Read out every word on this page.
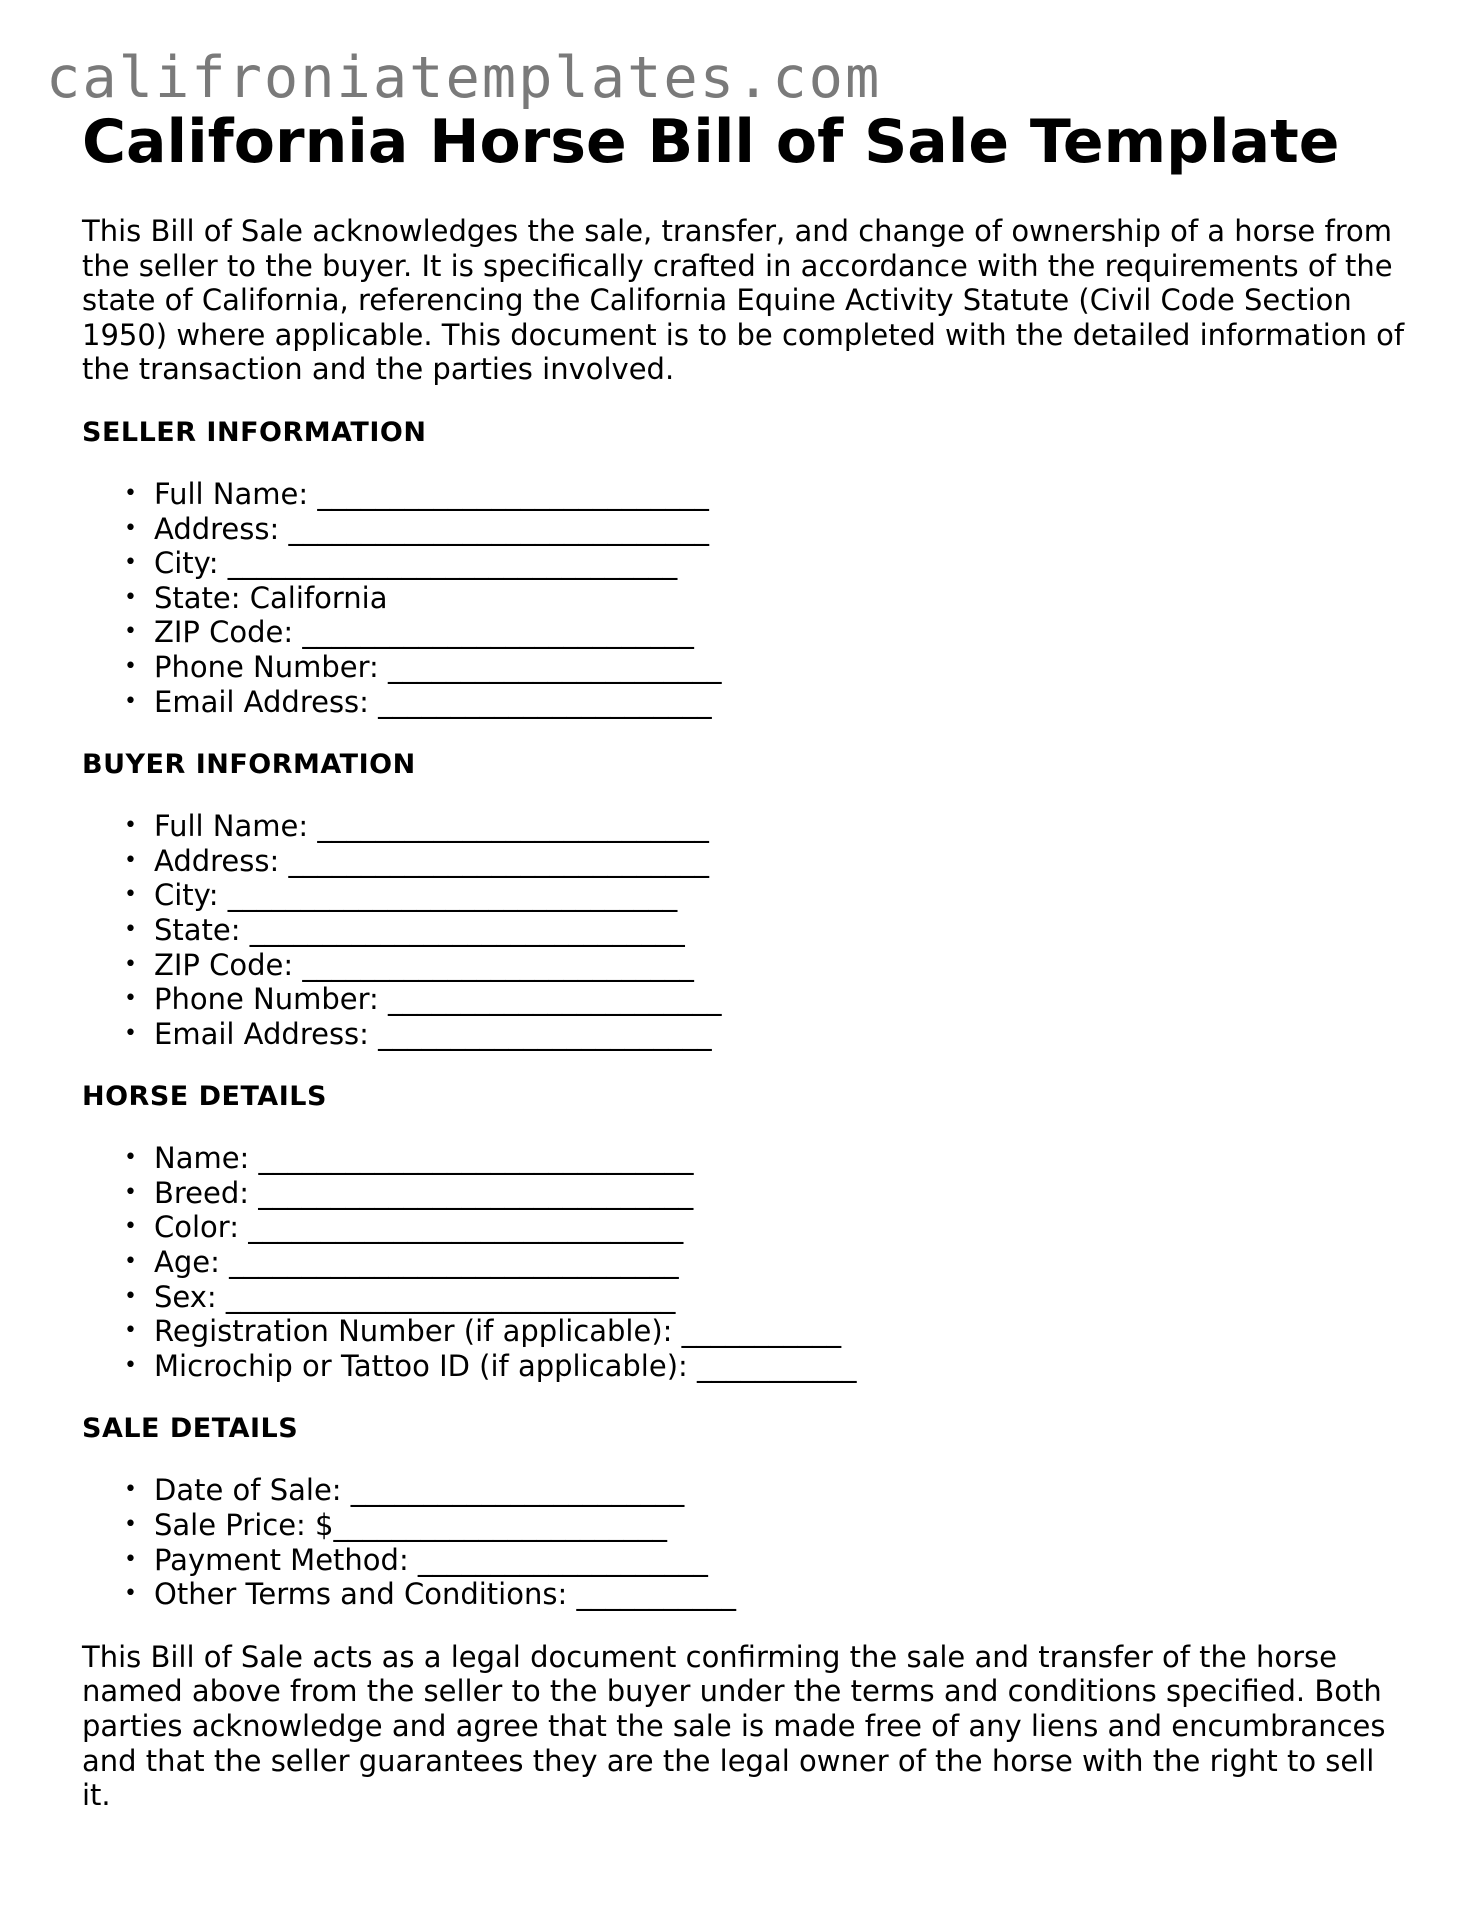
califroniatemplates.com
California Horse Bill of Sale Template

This Bill of Sale acknowledges the sale, transfer, and change of ownership of a horse from the seller to the buyer. It is specifically crafted in accordance with the requirements of the state of California, referencing the California Equine Activity Statute (Civil Code Section 1950) where applicable. This document is to be completed with the detailed information of the transaction and the parties involved.

SELLER INFORMATION
• Full Name: ___________________________
• Address: _____________________________
• City: _______________________________
• State: California
• ZIP Code: ___________________________
• Phone Number: _______________________
• Email Address: _______________________
BUYER INFORMATION
• Full Name: ___________________________
• Address: _____________________________
• City: _______________________________
• State: ______________________________
• ZIP Code: ___________________________
• Phone Number: _______________________
• Email Address: _______________________
HORSE DETAILS
• Name: ______________________________
• Breed: ______________________________
• Color: ______________________________
• Age: _______________________________
• Sex: _______________________________
• Registration Number (if applicable): ___________
• Microchip or Tattoo ID (if applicable): ___________
SALE DETAILS
• Date of Sale: _______________________
• Sale Price: $_______________________
• Payment Method: ____________________
• Other Terms and Conditions: ___________

This Bill of Sale acts as a legal document confirming the sale and transfer of the horse named above from the seller to the buyer under the terms and conditions specified. Both parties acknowledge and agree that the sale is made free of any liens and encumbrances and that the seller guarantees they are the legal owner of the horse with the right to sell it.
